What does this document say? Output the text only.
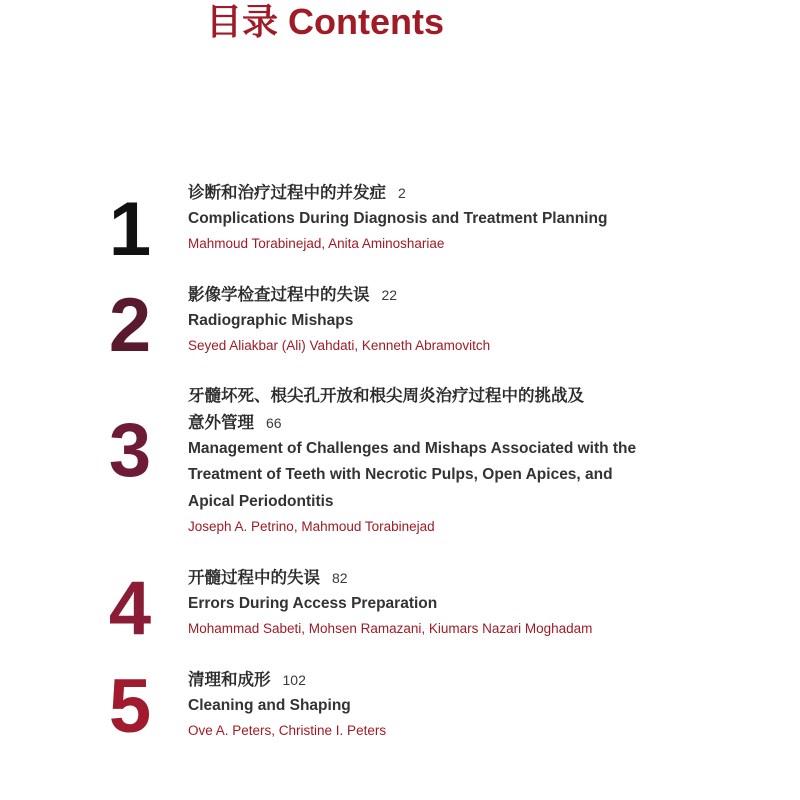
目录 Contents
1	诊断和治疗过程中的并发症 2
Complications During Diagnosis and Treatment Planning
Mahmoud Torabinejad, Anita Aminoshariae
2	影像学检查过程中的失误 22
Radiographic Mishaps
Seyed Aliakbar (Ali) Vahdati, Kenneth Abramovitch
3
牙髓坏死、根尖孔开放和根尖周炎治疗过程中的挑战及
意外管理 66
Management of Challenges and Mishaps Associated with the
Treatment of Teeth with Necrotic Pulps, Open Apices, and
Apical Periodontitis
Joseph A. Petrino, Mahmoud Torabinejad
4	开髓过程中的失误 82
Errors During Access Preparation
Mohammad Sabeti, Mohsen Ramazani, Kiumars Nazari Moghadam
5	清理和成形 102
Cleaning and Shaping
Ove A. Peters, Christine I. Peters
